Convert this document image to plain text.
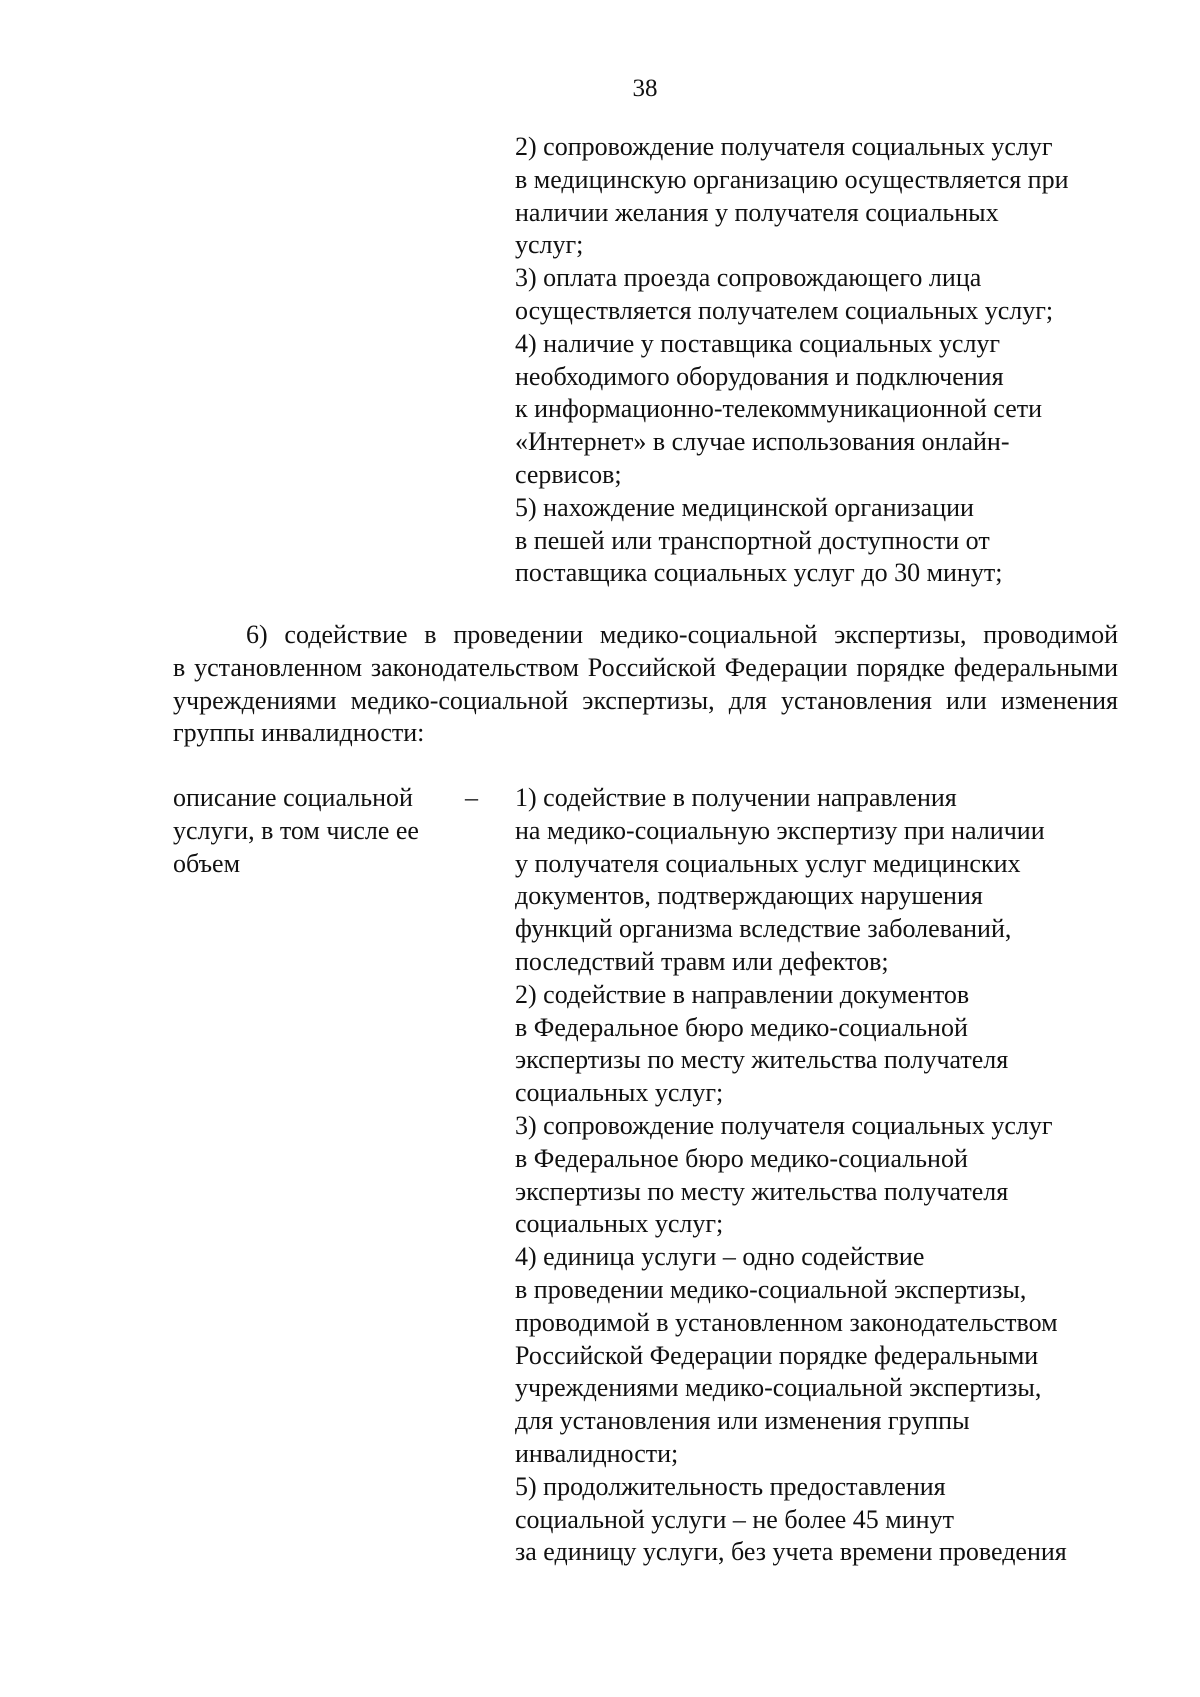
38
2) сопровождение получателя социальных услуг
в медицинскую организацию осуществляется при
наличии желания у получателя социальных
услуг;
3) оплата проезда сопровождающего лица
осуществляется получателем социальных услуг;
4) наличие у поставщика социальных услуг
необходимого оборудования и подключения
к информационно-телекоммуникационной сети
«Интернет» в случае использования онлайн-
сервисов;
5) нахождение медицинской организации
в пешей или транспортной доступности от
поставщика социальных услуг до 30 минут;
6) содействие в проведении медико-социальной экспертизы, проводимой
в установленном законодательством Российской Федерации порядке федеральными
учреждениями медико-социальной экспертизы, для установления или изменения
группы инвалидности:
описание социальной
услуги, в том числе ее
объем
– 1) содействие в получении направления
на медико-социальную экспертизу при наличии
у получателя социальных услуг медицинских
документов, подтверждающих нарушения
функций организма вследствие заболеваний,
последствий травм или дефектов;
2) содействие в направлении документов
в Федеральное бюро медико-социальной
экспертизы по месту жительства получателя
социальных услуг;
3) сопровождение получателя социальных услуг
в Федеральное бюро медико-социальной
экспертизы по месту жительства получателя
социальных услуг;
4) единица услуги – одно содействие
в проведении медико-социальной экспертизы,
проводимой в установленном законодательством
Российской Федерации порядке федеральными
учреждениями медико-социальной экспертизы,
для установления или изменения группы
инвалидности;
5) продолжительность предоставления
социальной услуги – не более 45 минут
за единицу услуги, без учета времени проведения
